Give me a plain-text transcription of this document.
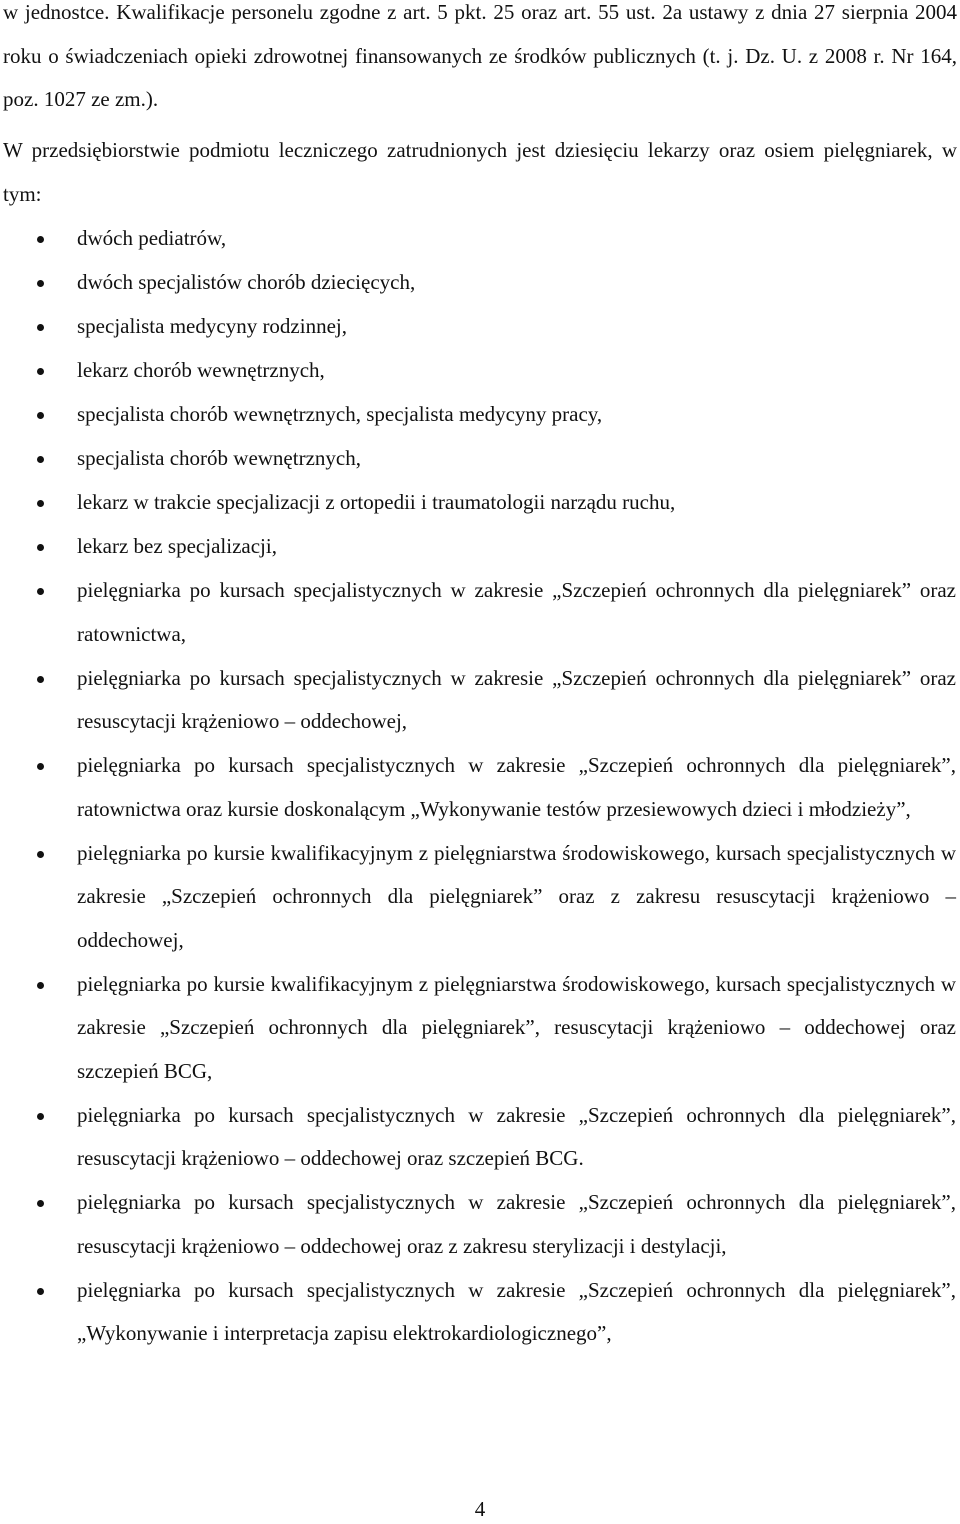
w jednostce. Kwalifikacje personelu zgodne z art. 5 pkt. 25 oraz art. 55 ust. 2a ustawy z dnia 27 sierpnia 2004 roku o świadczeniach opieki zdrowotnej finansowanych ze środków publicznych (t. j. Dz. U. z 2008 r. Nr 164, poz. 1027 ze zm.).

W przedsiębiorstwie podmiotu leczniczego zatrudnionych jest dziesięciu lekarzy oraz osiem pielęgniarek, w tym:

dwóch pediatrów,
dwóch specjalistów chorób dziecięcych,
specjalista medycyny rodzinnej,
lekarz chorób wewnętrznych,
specjalista chorób wewnętrznych, specjalista medycyny pracy,
specjalista chorób wewnętrznych,
lekarz w trakcie specjalizacji z ortopedii i traumatologii narządu ruchu,
lekarz bez specjalizacji,
pielęgniarka po kursach specjalistycznych w zakresie „Szczepień ochronnych dla pielęgniarek” oraz ratownictwa,
pielęgniarka po kursach specjalistycznych w zakresie „Szczepień ochronnych dla pielęgniarek” oraz resuscytacji krążeniowo – oddechowej,
pielęgniarka po kursach specjalistycznych w zakresie „Szczepień ochronnych dla pielęgniarek”, ratownictwa oraz kursie doskonalącym „Wykonywanie testów przesiewowych dzieci i młodzieży”,
pielęgniarka po kursie kwalifikacyjnym z pielęgniarstwa środowiskowego, kursach specjalistycznych w zakresie „Szczepień ochronnych dla pielęgniarek” oraz z zakresu resuscytacji krążeniowo – oddechowej,
pielęgniarka po kursie kwalifikacyjnym z pielęgniarstwa środowiskowego, kursach specjalistycznych w zakresie „Szczepień ochronnych dla pielęgniarek”, resuscytacji krążeniowo – oddechowej oraz szczepień BCG,
pielęgniarka po kursach specjalistycznych w zakresie „Szczepień ochronnych dla pielęgniarek”, resuscytacji krążeniowo – oddechowej oraz szczepień BCG.
pielęgniarka po kursach specjalistycznych w zakresie „Szczepień ochronnych dla pielęgniarek”, resuscytacji krążeniowo – oddechowej oraz z zakresu sterylizacji i destylacji,
pielęgniarka po kursach specjalistycznych w zakresie „Szczepień ochronnych dla pielęgniarek”, „Wykonywanie i interpretacja zapisu elektrokardiologicznego”,
4
